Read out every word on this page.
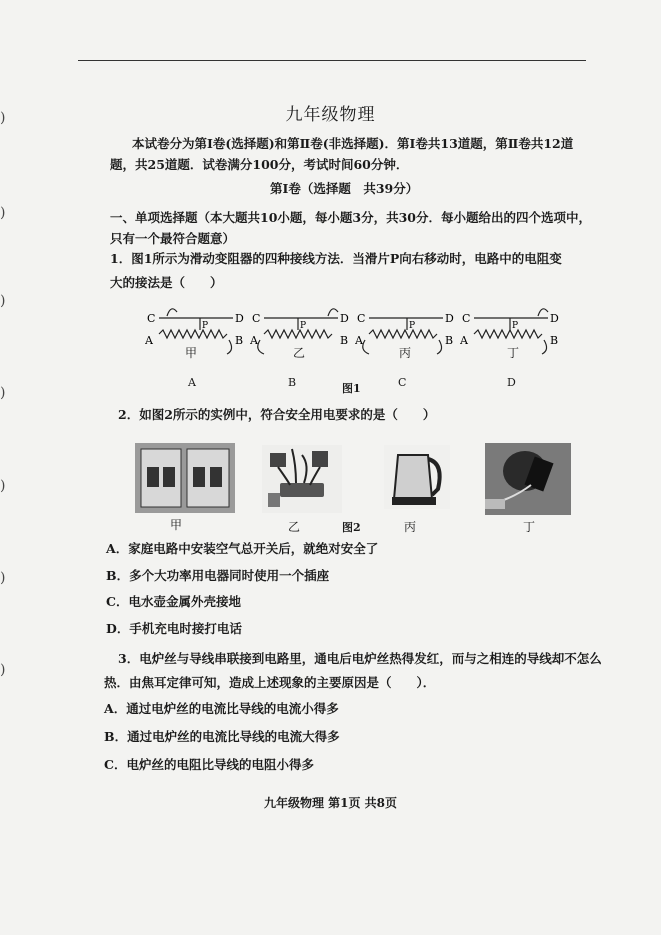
)
)
)
)
)
)
)
九年级物理
本试卷分为第Ⅰ卷(选择题)和第Ⅱ卷(非选择题)．第Ⅰ卷共13道题，第Ⅱ卷共12道
题，共25道题．试卷满分100分，考试时间60分钟．
第Ⅰ卷（选择题　共39分）
一、单项选择题（本大题共10小题，每小题3分，共30分．每小题给出的四个选项中，
只有一个最符合题意）
1．图1所示为滑动变阻器的四种接线方法．当滑片P向右移动时，电路中的电阻变
大的接法是（　　）
C	D
P
A	B
甲
C	D
P
A	B
乙
C	D
P
A	B
丙
C	D
P
A	B
丁
A	B	图1	C	D
2．如图2所示的实例中，符合安全用电要求的是（　　）
甲	乙	图2	丙	丁
A．家庭电路中安装空气总开关后，就绝对安全了
B．多个大功率用电器同时使用一个插座
C．电水壶金属外壳接地
D．手机充电时接打电话
3．电炉丝与导线串联接到电路里，通电后电炉丝热得发红，而与之相连的导线却不怎么
热．由焦耳定律可知，造成上述现象的主要原因是（　　）．
A．通过电炉丝的电流比导线的电流小得多
B．通过电炉丝的电流比导线的电流大得多
C．电炉丝的电阻比导线的电阻小得多
九年级物理 第1页 共8页
